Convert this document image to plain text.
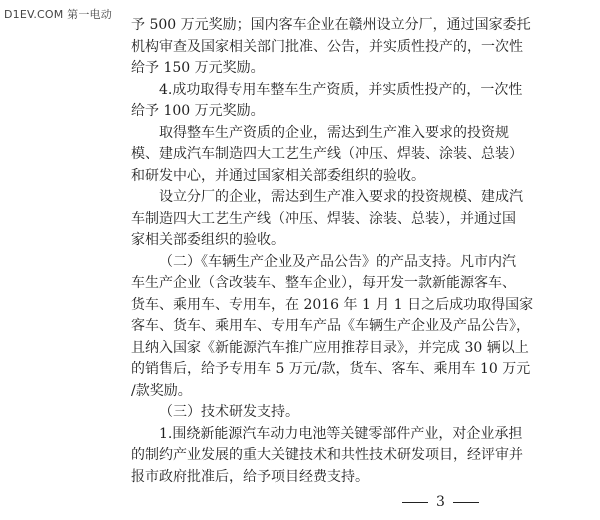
D1EV.COM 第一电动
予 500 万元奖励；国内客车企业在赣州设立分厂，通过国家委托
机构审查及国家相关部门批准、公告，并实质性投产的，一次性
给予 150 万元奖励。
4.成功取得专用车整车生产资质，并实质性投产的，一次性
给予 100 万元奖励。
取得整车生产资质的企业，需达到生产准入要求的投资规
模、建成汽车制造四大工艺生产线（冲压、焊装、涂装、总装）
和研发中心，并通过国家相关部委组织的验收。
设立分厂的企业，需达到生产准入要求的投资规模、建成汽
车制造四大工艺生产线（冲压、焊装、涂装、总装），并通过国
家相关部委组织的验收。
（二）《车辆生产企业及产品公告》的产品支持。凡市内汽
车生产企业（含改装车、整车企业），每开发一款新能源客车、
货车、乘用车、专用车，在 2016 年 1 月 1 日之后成功取得国家
客车、货车、乘用车、专用车产品《车辆生产企业及产品公告》，
且纳入国家《新能源汽车推广应用推荐目录》，并完成 30 辆以上
的销售后，给予专用车 5 万元/款，货车、客车、乘用车 10 万元
/款奖励。
（三）技术研发支持。
1.围绕新能源汽车动力电池等关键零部件产业，对企业承担
的制约产业发展的重大关键技术和共性技术研发项目，经评审并
报市政府批准后，给予项目经费支持。
3
